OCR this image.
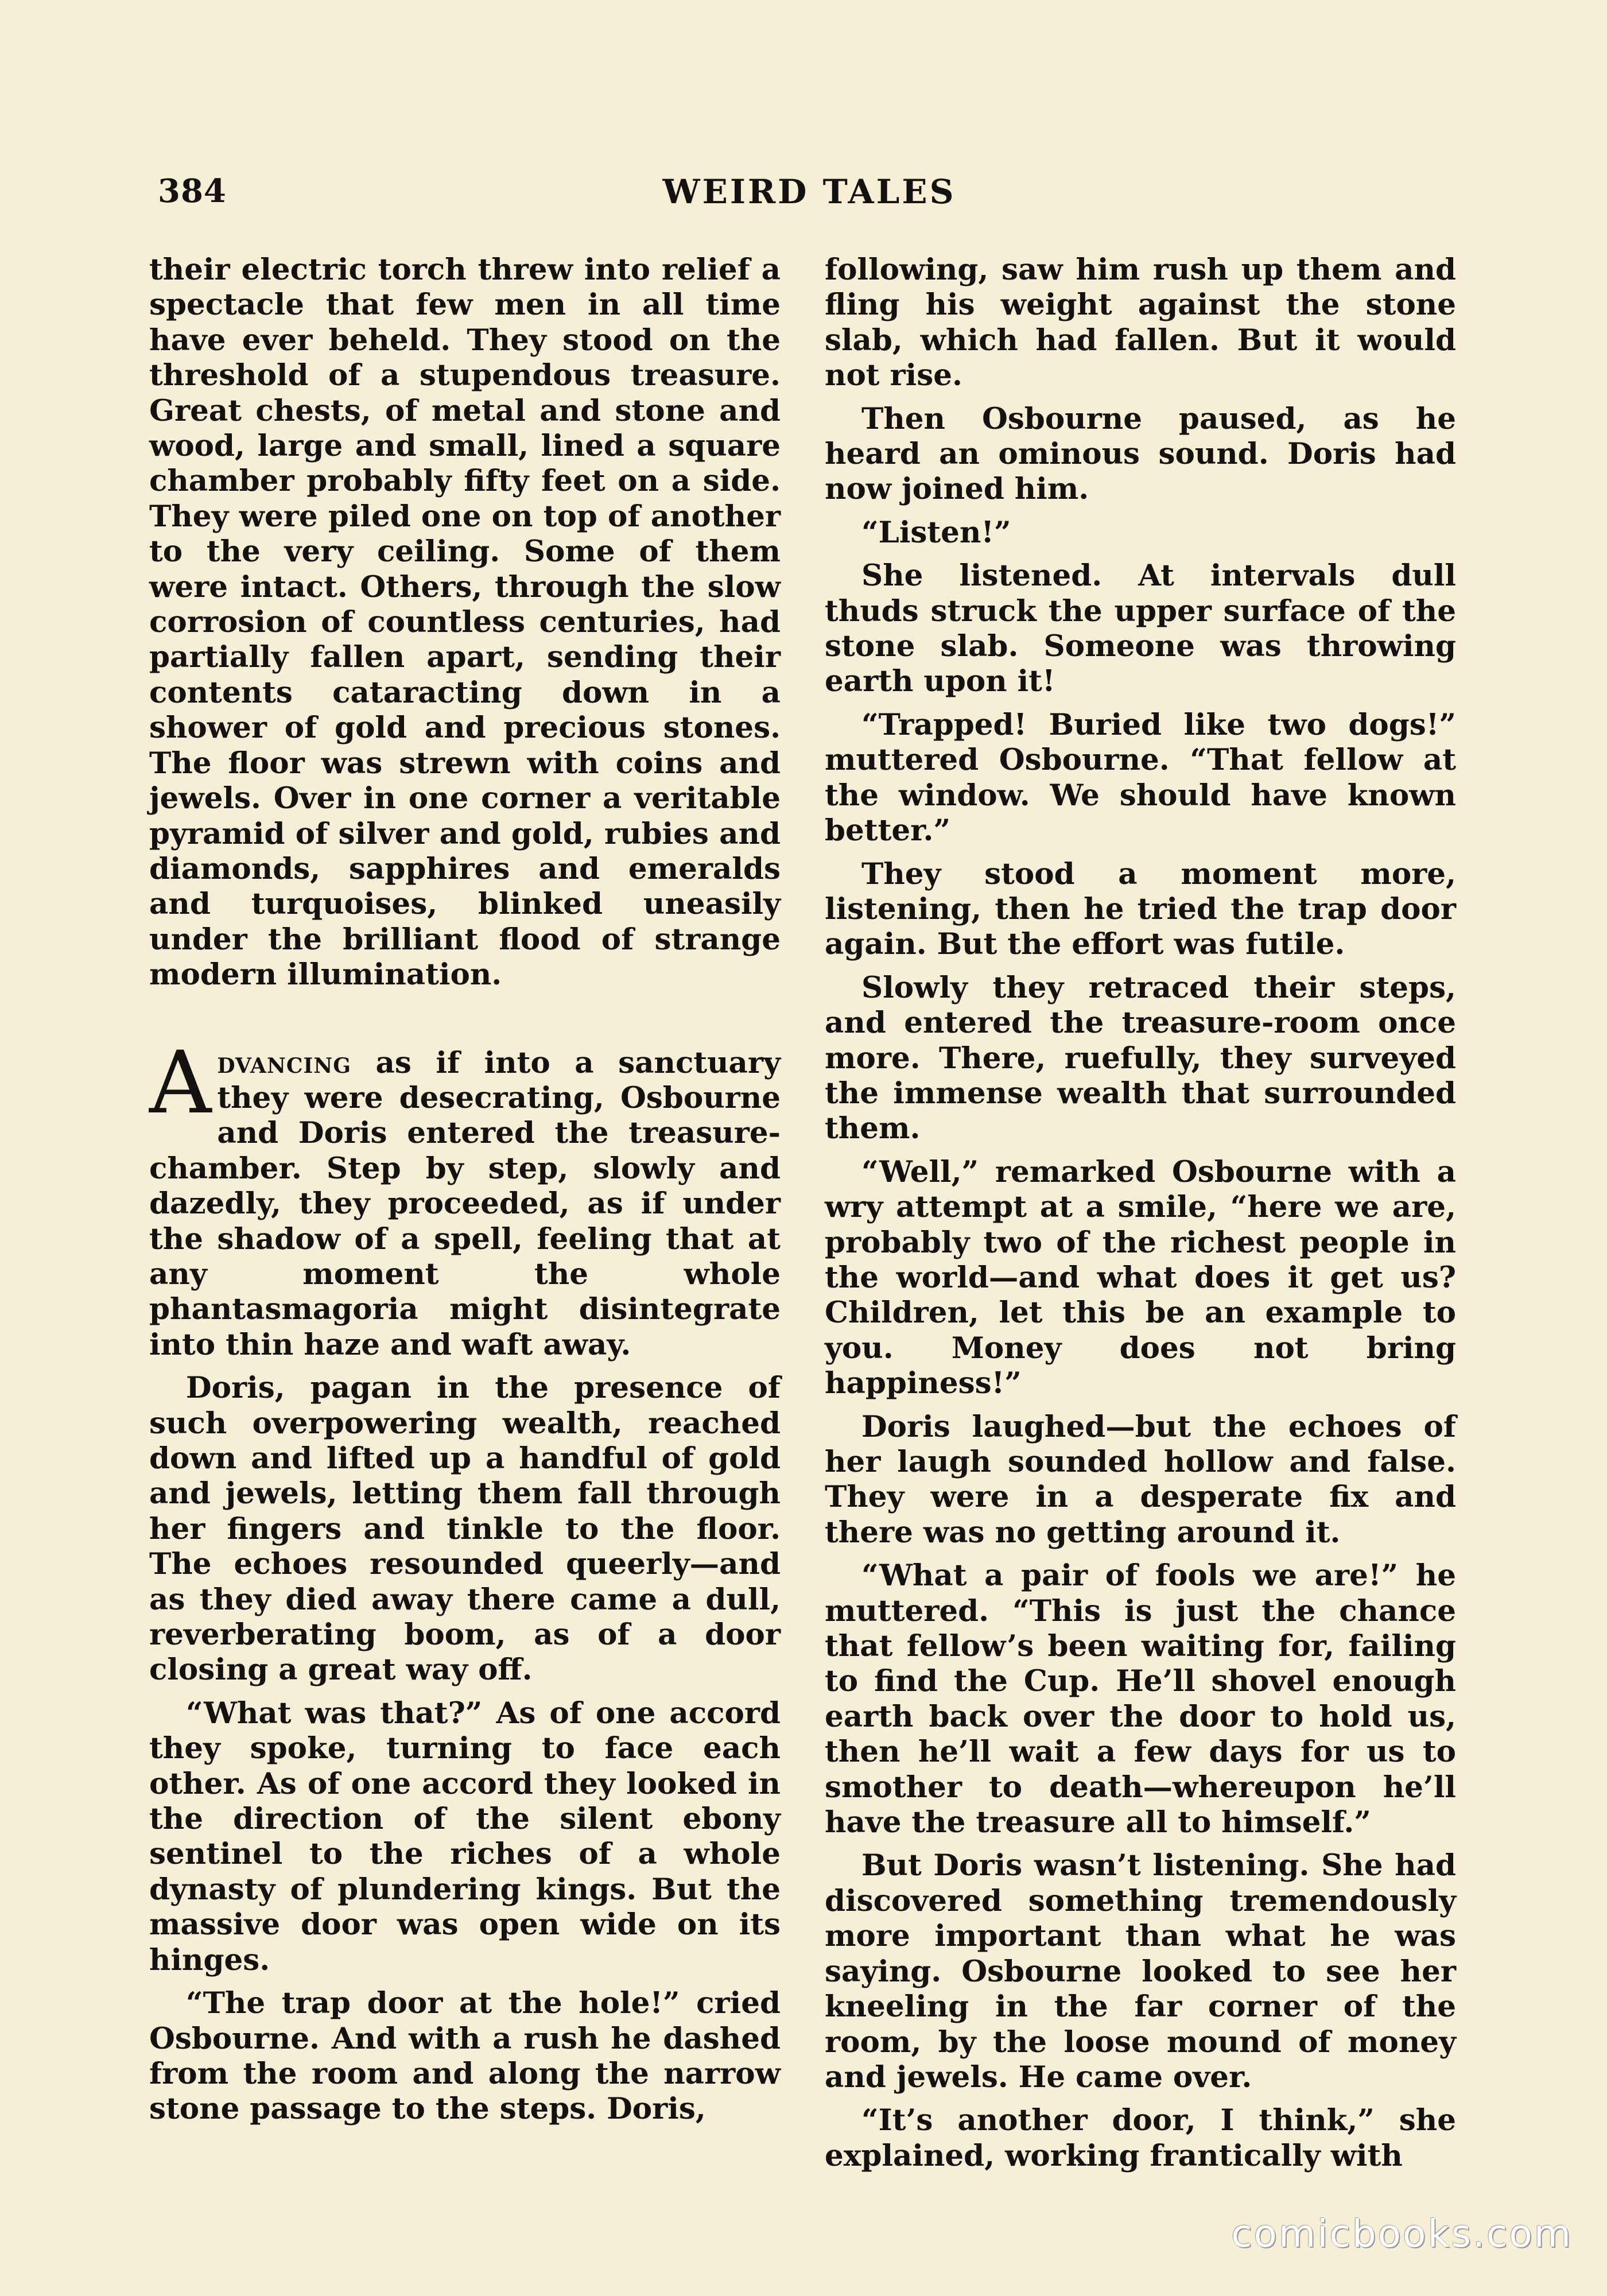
384	WEIRD TALES

their electric torch threw into relief a spectacle that few men in all time have ever beheld. They stood on the threshold of a stupendous treasure. Great chests, of metal and stone and wood, large and small, lined a square chamber probably fifty feet on a side. They were piled one on top of another to the very ceiling. Some of them were intact. Others, through the slow corrosion of countless centuries, had partially fallen apart, sending their contents cataracting down in a shower of gold and precious stones. The floor was strewn with coins and jewels. Over in one corner a veritable pyramid of silver and gold, rubies and diamonds, sapphires and emeralds and turquoises, blinked uneasily under the brilliant flood of strange modern illumination.

Advancing as if into a sanctuary they were desecrating, Osbourne and Doris entered the treasure-chamber. Step by step, slowly and dazedly, they proceeded, as if under the shadow of a spell, feeling that at any moment the whole phantasmagoria might disintegrate into thin haze and waft away.

Doris, pagan in the presence of such overpowering wealth, reached down and lifted up a handful of gold and jewels, letting them fall through her fingers and tinkle to the floor. The echoes resounded queerly—and as they died away there came a dull, reverberating boom, as of a door closing a great way off.

“What was that?” As of one accord they spoke, turning to face each other. As of one accord they looked in the direction of the silent ebony sentinel to the riches of a whole dynasty of plundering kings. But the massive door was open wide on its hinges.

“The trap door at the hole!” cried Osbourne. And with a rush he dashed from the room and along the narrow stone passage to the steps. Doris,

following, saw him rush up them and fling his weight against the stone slab, which had fallen. But it would not rise.

Then Osbourne paused, as he heard an ominous sound. Doris had now joined him.

“Listen!”

She listened. At intervals dull thuds struck the upper surface of the stone slab. Someone was throwing earth upon it!

“Trapped! Buried like two dogs!” muttered Osbourne. “That fellow at the window. We should have known better.”

They stood a moment more, listening, then he tried the trap door again. But the effort was futile.

Slowly they retraced their steps, and entered the treasure-room once more. There, ruefully, they surveyed the immense wealth that surrounded them.

“Well,” remarked Osbourne with a wry attempt at a smile, “here we are, probably two of the richest people in the world—and what does it get us? Children, let this be an example to you. Money does not bring happiness!”

Doris laughed—but the echoes of her laugh sounded hollow and false. They were in a desperate fix and there was no getting around it.

“What a pair of fools we are!” he muttered. “This is just the chance that fellow’s been waiting for, failing to find the Cup. He’ll shovel enough earth back over the door to hold us, then he’ll wait a few days for us to smother to death—whereupon he’ll have the treasure all to himself.”

But Doris wasn’t listening. She had discovered something tremendously more important than what he was saying. Osbourne looked to see her kneeling in the far corner of the room, by the loose mound of money and jewels. He came over.

“It’s another door, I think,” she explained, working frantically with

comicbooks.com
